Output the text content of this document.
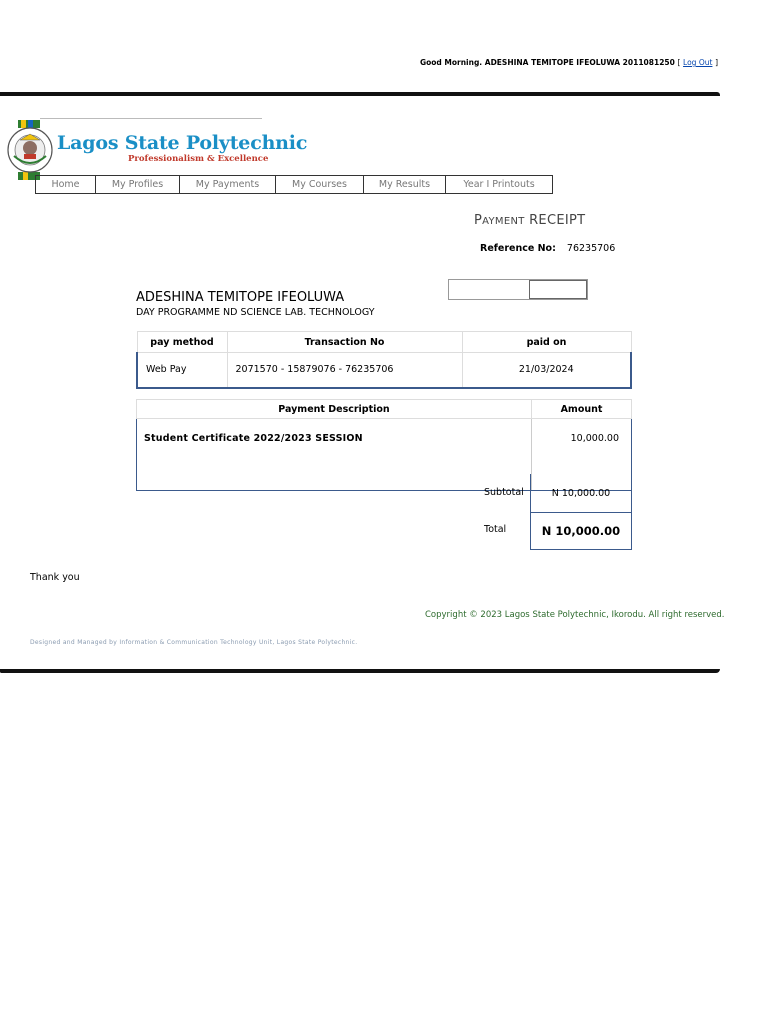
Good Morning. ADESHINA TEMITOPE IFEOLUWA 2011081250 [ Log Out ]
Lagos State Polytechnic
Professionalism & Excellence
Home	My Profiles	My Payments	My Courses	My Results	Year I Printouts
PAYMENT RECEIPT
Reference No: 76235706
ADESHINA TEMITOPE IFEOLUWA
DAY PROGRAMME ND SCIENCE LAB. TECHNOLOGY
pay method	Transaction No	paid on
Web Pay	2071570 - 15879076 - 76235706	21/03/2024
Payment Description	Amount
Student Certificate 2022/2023 SESSION	10,000.00
Subtotal	N 10,000.00
Total	N 10,000.00
Thank you
Copyright © 2023 Lagos State Polytechnic, Ikorodu. All right reserved.
Designed and Managed by Information & Communication Technology Unit, Lagos State Polytechnic.
